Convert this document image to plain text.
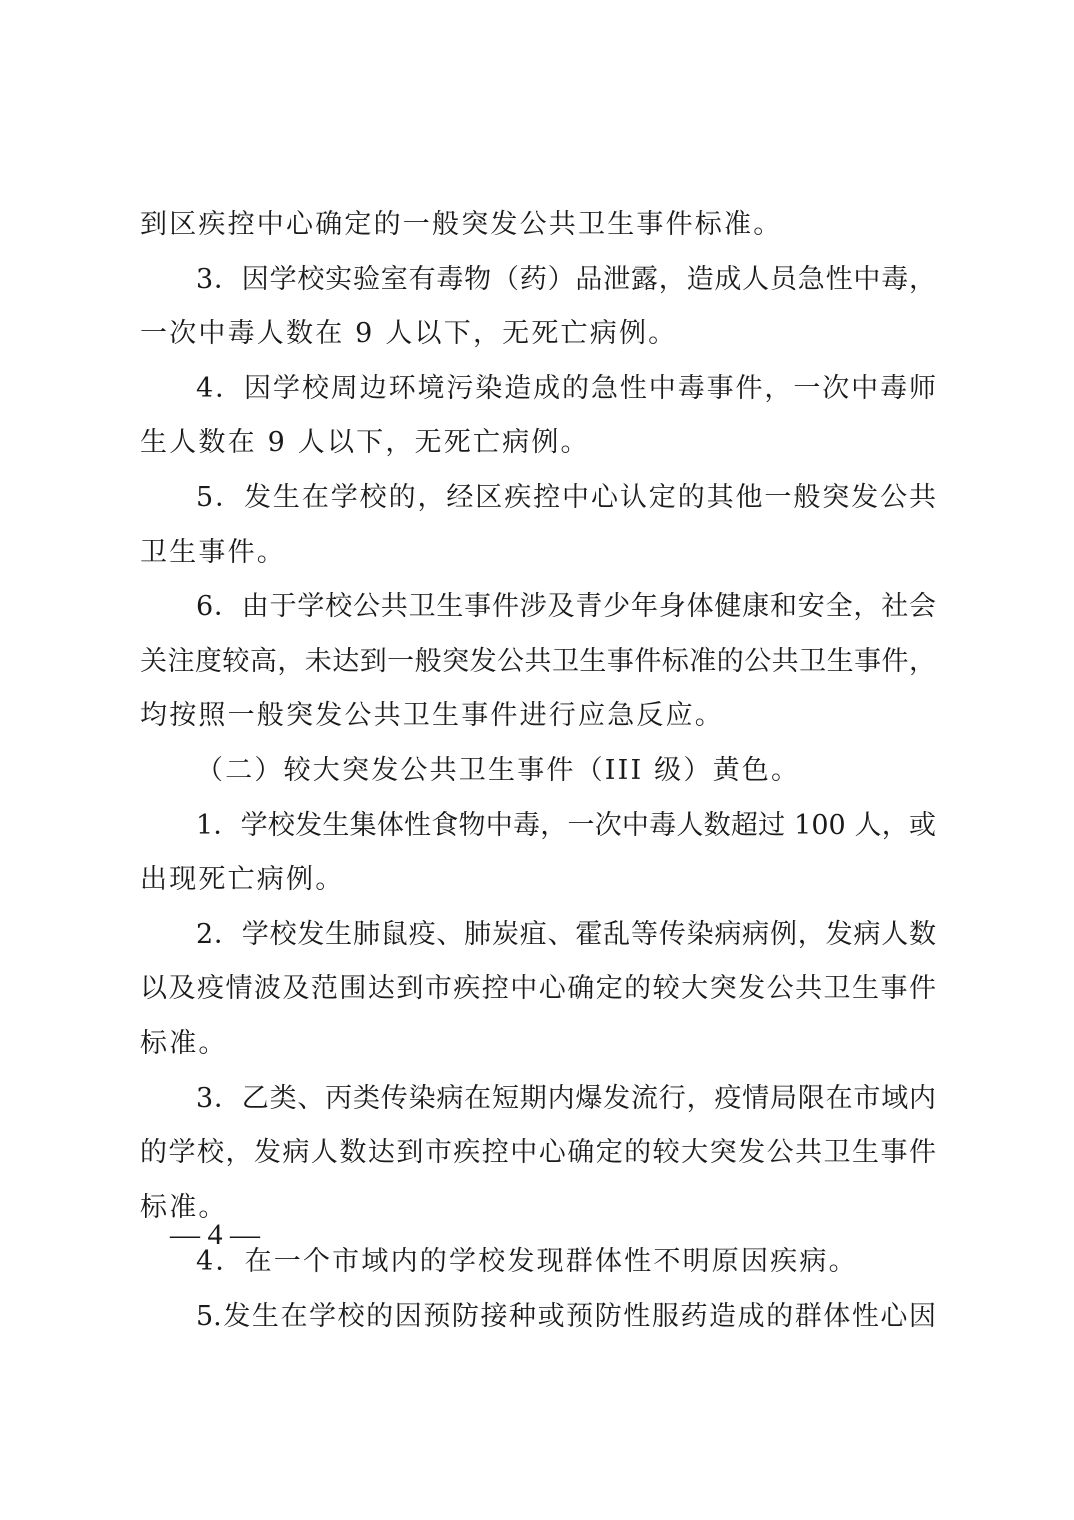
到区疾控中心确定的一般突发公共卫生事件标准。
3．因学校实验室有毒物（药）品泄露，造成人员急性中毒，
一次中毒人数在 9 人以下，无死亡病例。
4．因学校周边环境污染造成的急性中毒事件，一次中毒师
生人数在 9 人以下，无死亡病例。
5．发生在学校的，经区疾控中心认定的其他一般突发公共
卫生事件。
6．由于学校公共卫生事件涉及青少年身体健康和安全，社会
关注度较高，未达到一般突发公共卫生事件标准的公共卫生事件，
均按照一般突发公共卫生事件进行应急反应。
（二）较大突发公共卫生事件（III 级）黄色。
1．学校发生集体性食物中毒，一次中毒人数超过 100 人，或
出现死亡病例。
2．学校发生肺鼠疫、肺炭疽、霍乱等传染病病例，发病人数
以及疫情波及范围达到市疾控中心确定的较大突发公共卫生事件
标准。
3．乙类、丙类传染病在短期内爆发流行，疫情局限在市域内
的学校，发病人数达到市疾控中心确定的较大突发公共卫生事件
标准。
4．在一个市域内的学校发现群体性不明原因疾病。
5.发生在学校的因预防接种或预防性服药造成的群体性心因
— 4 —
